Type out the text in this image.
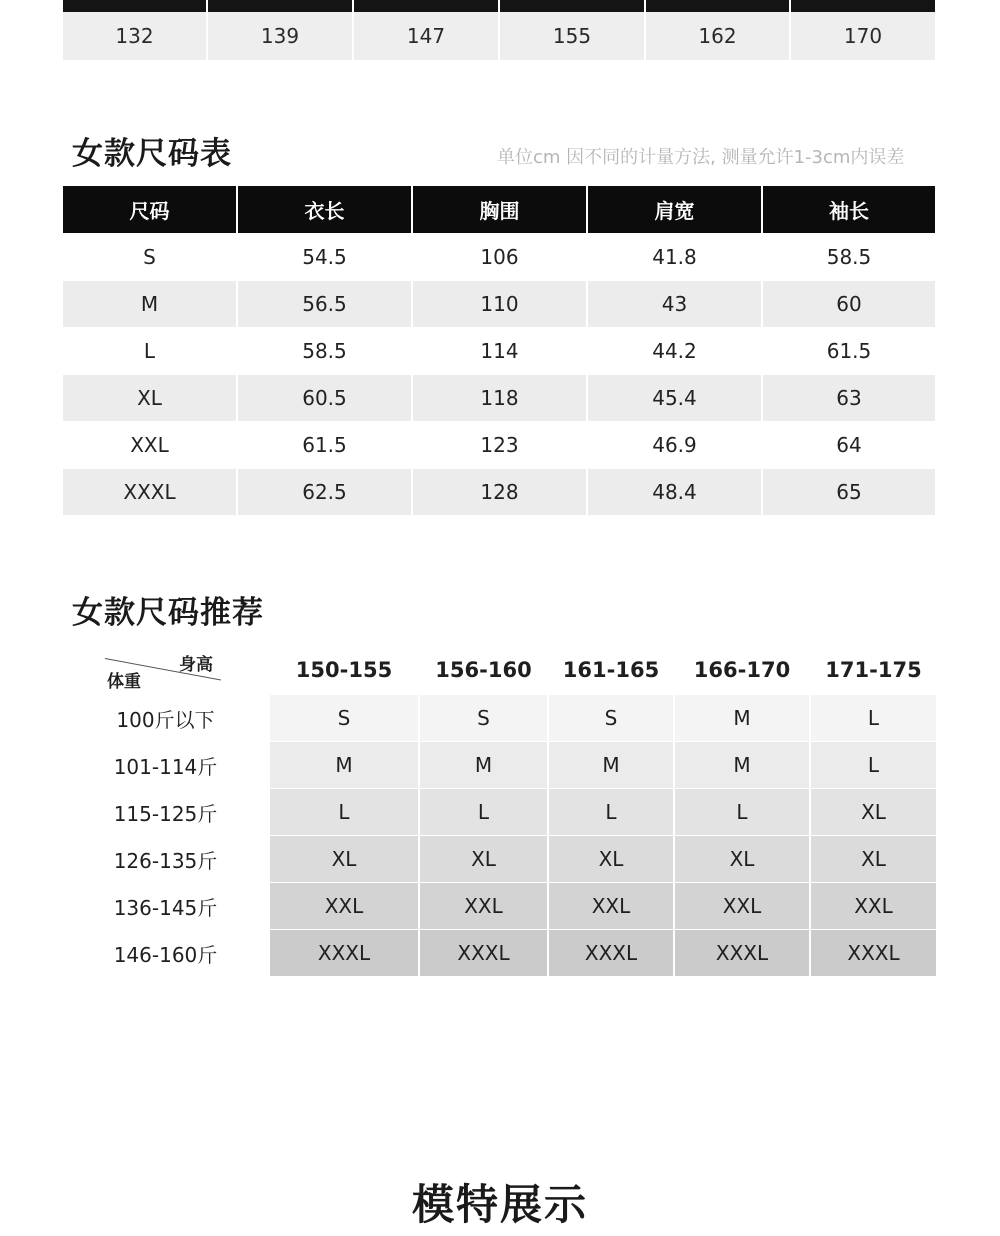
132	139	147	155	162	170
女款尺码表	单位cm 因不同的计量方法, 测量允许1-3cm内误差
尺码	衣长	胸围	肩宽	袖长
S	54.5	106	41.8	58.5
M	56.5	110	43	60
L	58.5	114	44.2	61.5
XL	60.5	118	45.4	63
XXL	61.5	123	46.9	64
XXXL	62.5	128	48.4	65
女款尺码推荐
身高
体重	150-155	156-160	161-165	166-170	171-175
100斤以下	S	S	S	M	L
101-114斤	M	M	M	M	L
115-125斤	L	L	L	L	XL
126-135斤	XL	XL	XL	XL	XL
136-145斤	XXL	XXL	XXL	XXL	XXL
146-160斤	XXXL	XXXL	XXXL	XXXL	XXXL
模特展示
